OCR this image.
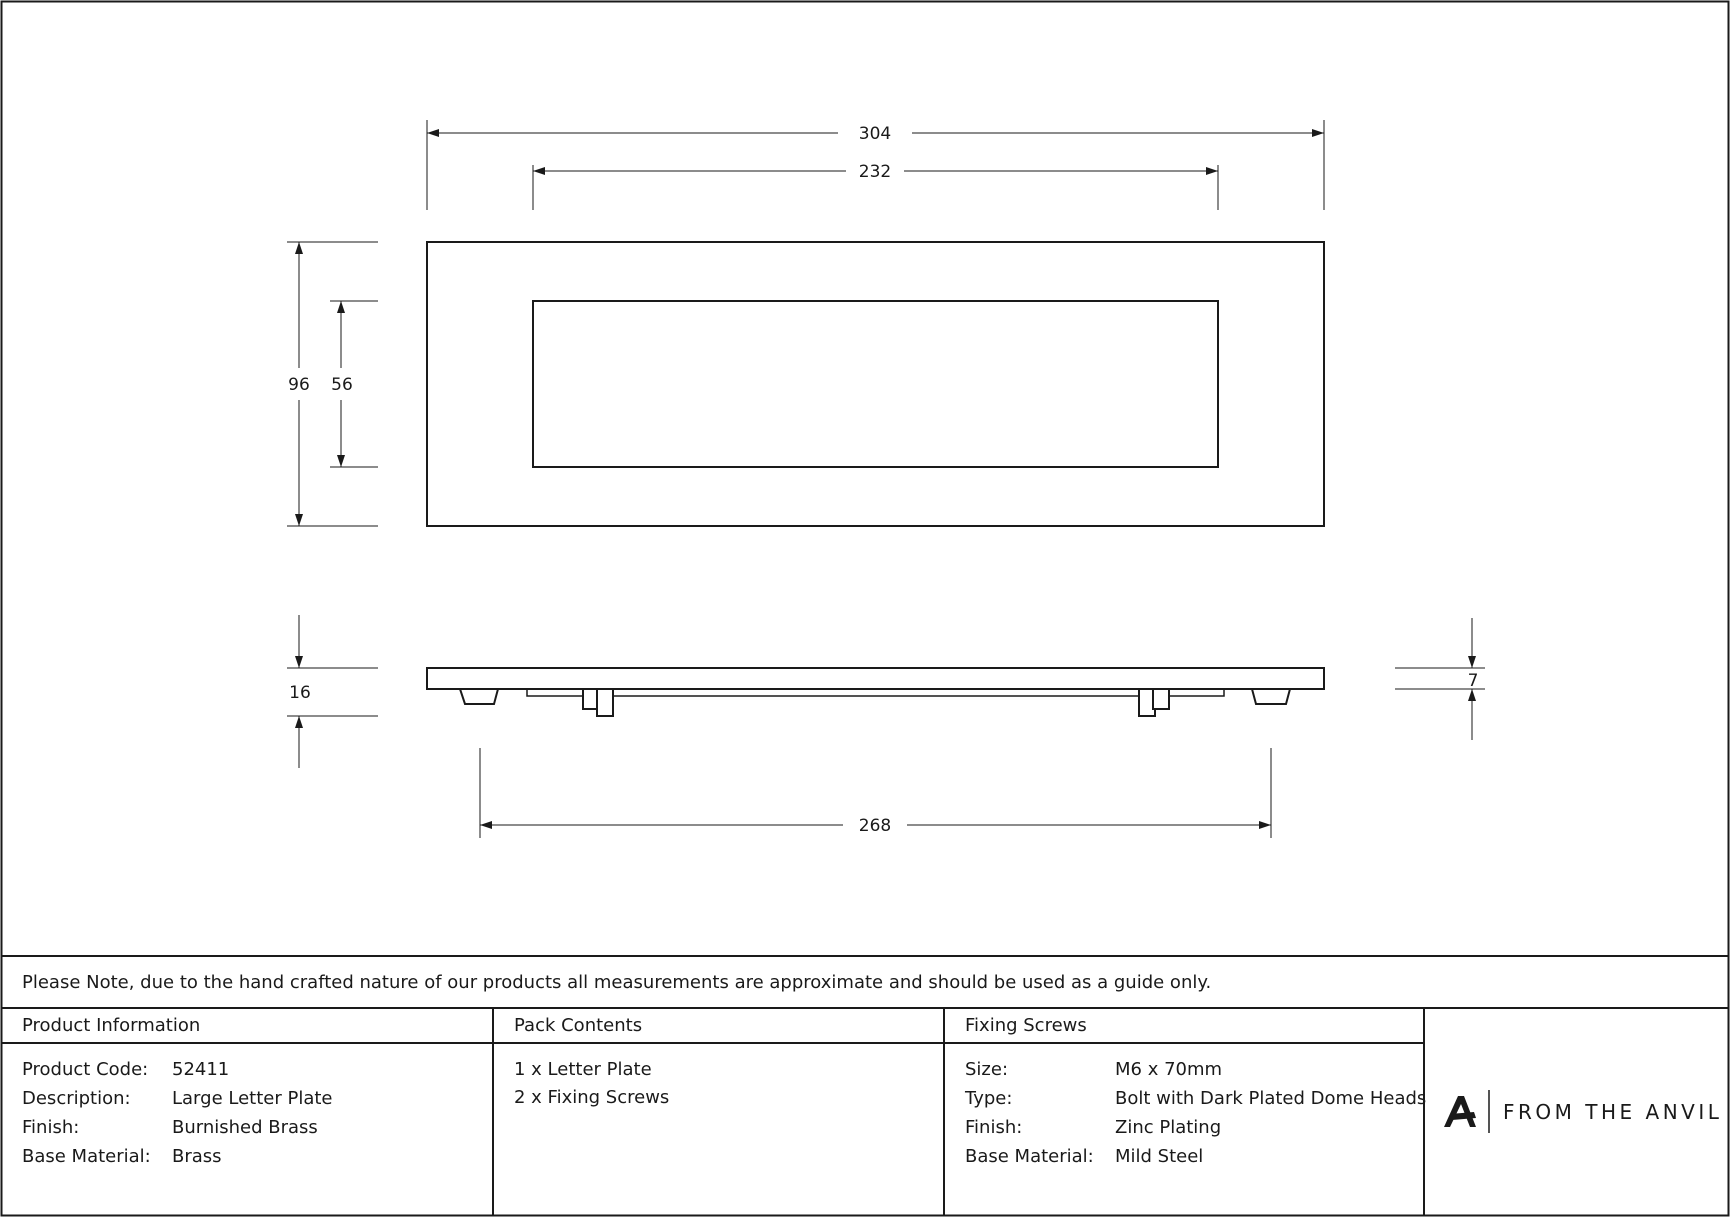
304
232
96 56
16
7
268
Please Note, due to the hand crafted nature of our products all measurements are approximate and should be used as a guide only.
Product Information
Product Code: 52411
Description: Large Letter Plate
Finish:	Burnished Brass
Base Material: Brass
Pack Contents
1 x Letter Plate
2 x Fixing Screws
Fixing Screws
Size:	M6 x 70mm
Type:	Bolt with Dark Plated Dome Heads
Finish:	Zinc Plating
Base Material: Mild Steel
FROM THE ANVIL
